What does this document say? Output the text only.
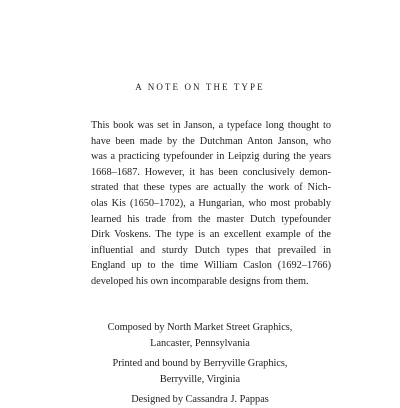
A NOTE ON THE TYPE
This book was set in Janson, a typeface long thought to
have been made by the Dutchman Anton Janson, who
was a practicing typefounder in Leipzig during the years
1668–1687. However, it has been conclusively demon-
strated that these types are actually the work of Nich-
olas Kis (1650–1702), a Hungarian, who most probably
learned his trade from the master Dutch typefounder
Dirk Voskens. The type is an excellent example of the
influential and sturdy Dutch types that prevailed in
England up to the time William Caslon (1692–1766)
developed his own incomparable designs from them.
Composed by North Market Street Graphics,
Lancaster, Pennsylvania
Printed and bound by Berryville Graphics,
Berryville, Virginia
Designed by Cassandra J. Pappas
